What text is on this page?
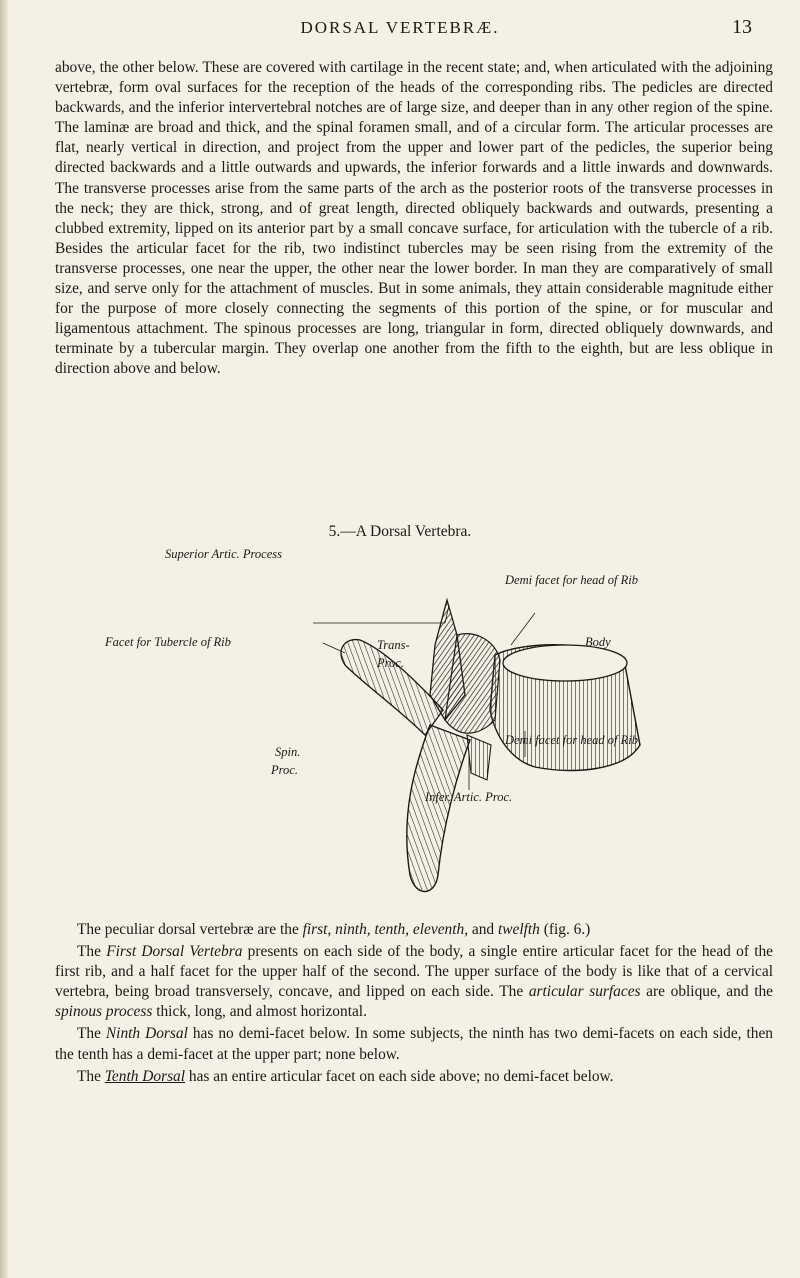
DORSAL VERTEBRÆ.	13

above, the other below. These are covered with cartilage in the recent state; and, when articulated with the adjoining vertebræ, form oval surfaces for the reception of the heads of the corresponding ribs. The pedicles are directed backwards, and the inferior intervertebral notches are of large size, and deeper than in any other region of the spine. The laminæ are broad and thick, and the spinal foramen small, and of a circular form. The articular processes are flat, nearly vertical in direction, and project from the upper and lower part of the pedicles, the superior being directed backwards and a little outwards and upwards, the inferior forwards and a little inwards and downwards. The transverse processes arise from the same parts of the arch as the posterior roots of the transverse processes in the neck; they are thick, strong, and of great length, directed obliquely backwards and outwards, presenting a clubbed extremity, lipped on its anterior part by a small concave surface, for articulation with the tubercle of a rib. Besides the articular facet for the rib, two indistinct tubercles may be seen rising from the extremity of the transverse processes, one near the upper, the other near the lower border. In man they are comparatively of small size, and serve only for the attachment of muscles. But in some animals, they attain considerable magnitude either for the purpose of more closely connecting the segments of this portion of the spine, or for muscular and ligamentous attachment. The spinous processes are long, triangular in form, directed obliquely downwards, and terminate by a tubercular margin. They overlap one another from the fifth to the eighth, but are less oblique in direction above and below.

5.—A Dorsal Vertebra.
Superior Artic. Process
Demi facet for head of Rib
Facet for Tubercle of Rib	Trans-
Proc.
Body
Demi facet for head of Rib
Spin.
Proc.
Infer. Artic. Proc.

The peculiar dorsal vertebræ are the first, ninth, tenth, eleventh, and twelfth (fig. 6.)

The First Dorsal Vertebra presents on each side of the body, a single entire articular facet for the head of the first rib, and a half facet for the upper half of the second. The upper surface of the body is like that of a cervical vertebra, being broad transversely, concave, and lipped on each side. The articular surfaces are oblique, and the spinous process thick, long, and almost horizontal.

The Ninth Dorsal has no demi-facet below. In some subjects, the ninth has two demi-facets on each side, then the tenth has a demi-facet at the upper part; none below.

The Tenth Dorsal has an entire articular facet on each side above; no demi-facet below.
